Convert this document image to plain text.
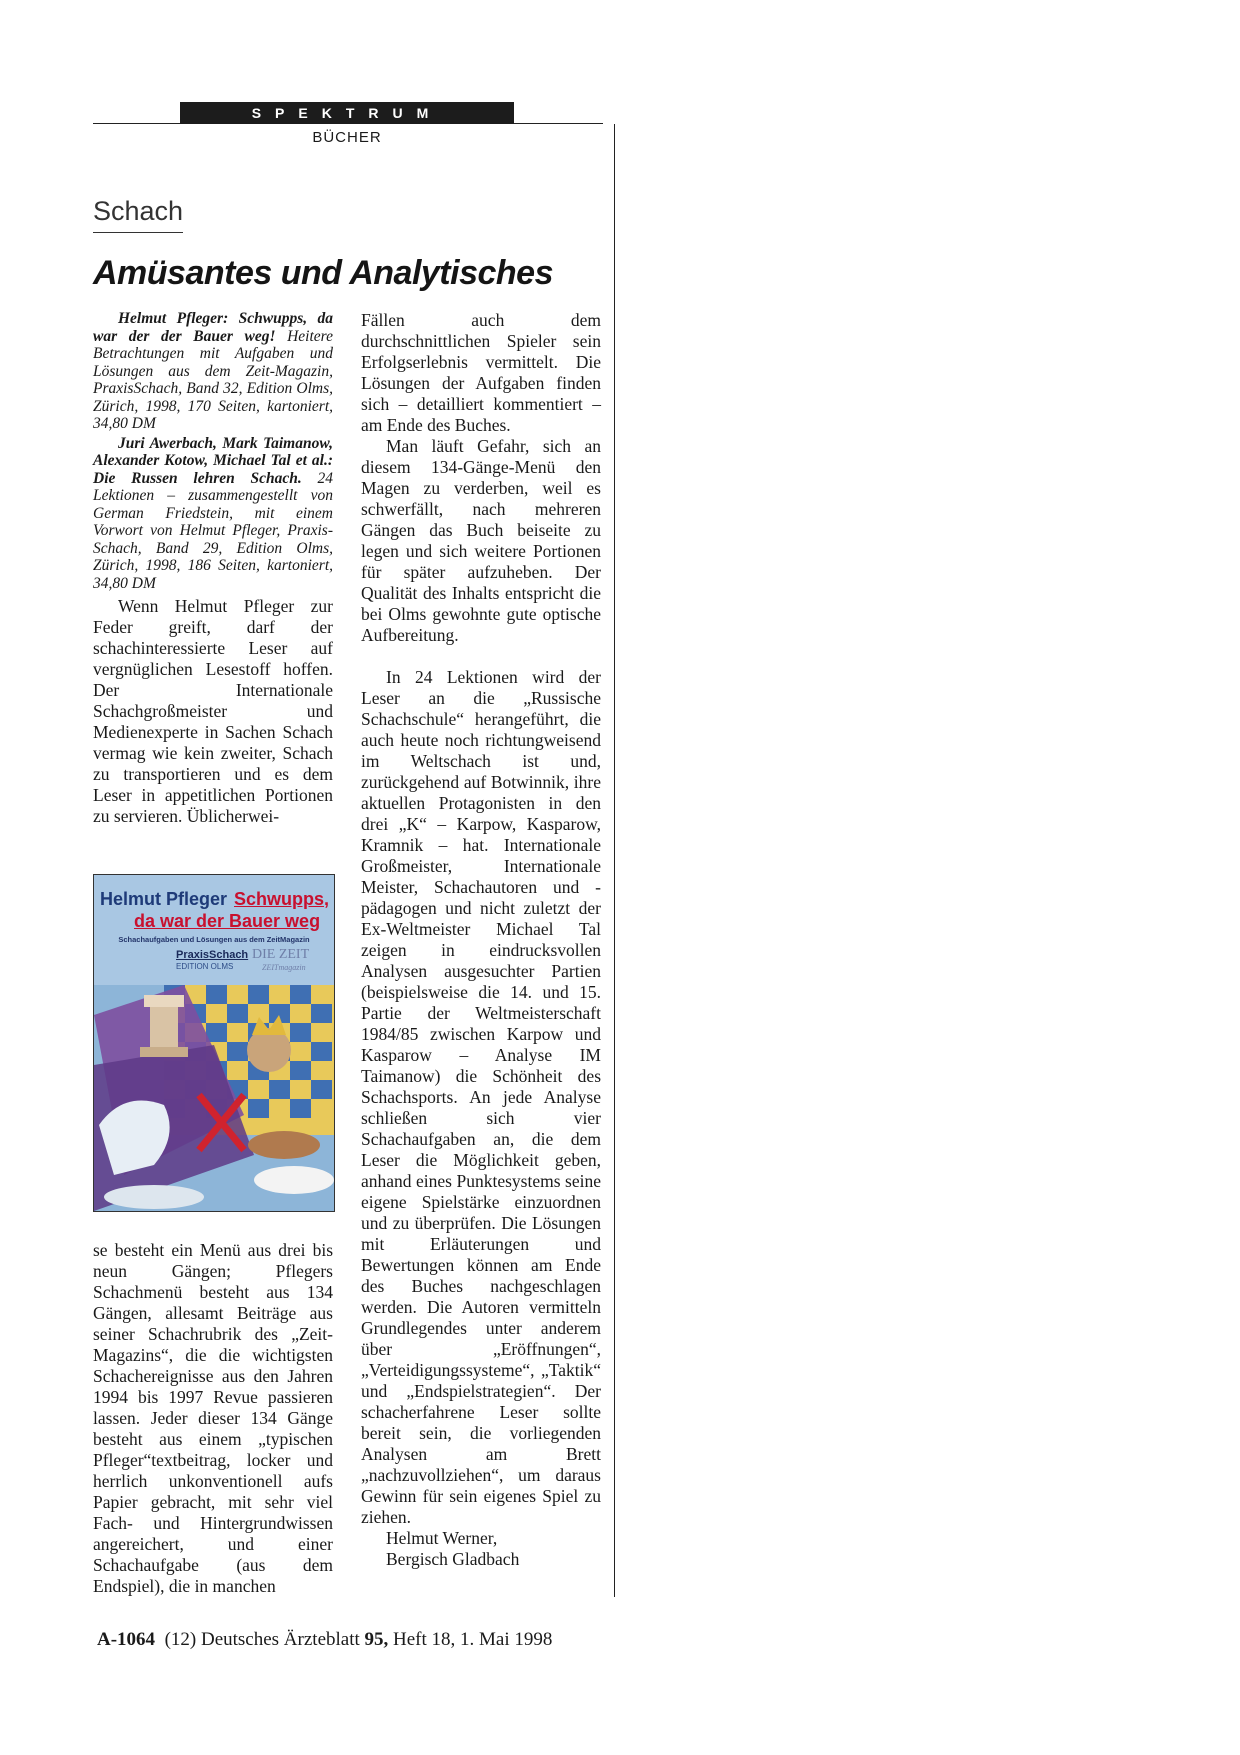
SPEKTRUM
BÜCHER
Schach
Amüsantes und Analytisches

Helmut Pfleger: Schwupps, da war der der Bauer weg! Heitere Betrachtungen mit Aufgaben und Lösungen aus dem Zeit-Magazin, PraxisSchach, Band 32, Edition Olms, Zürich, 1998, 170 Seiten, kartoniert, 34,80 DM

Juri Awerbach, Mark Taimanow, Alexander Kotow, Michael Tal et al.: Die Russen lehren Schach. 24 Lektionen – zusammengestellt von German Friedstein, mit einem Vorwort von Helmut Pfleger, Praxis-Schach, Band 29, Edition Olms, Zürich, 1998, 186 Seiten, kartoniert, 34,80 DM

Wenn Helmut Pfleger zur Feder greift, darf der schachinteressierte Leser auf vergnüglichen Lesestoff hoffen. Der Internationale Schachgroßmeister und Medienexperte in Sachen Schach vermag wie kein zweiter, Schach zu transportieren und es dem Leser in appetitlichen Portionen zu servieren. Üblicherwei-

Helmut Pfleger Schwupps,
da war der Bauer weg
Schachaufgaben und Lösungen aus dem ZeitMagazin
PraxisSchach
EDITION OLMS
DIE ZEIT
ZEITmagazin

se besteht ein Menü aus drei bis neun Gängen; Pflegers Schachmenü besteht aus 134 Gängen, allesamt Beiträge aus seiner Schachrubrik des „Zeit-Magazins“, die die wichtigsten Schachereignisse aus den Jahren 1994 bis 1997 Revue passieren lassen. Jeder dieser 134 Gänge besteht aus einem „typischen Pfleger“textbeitrag, locker und herrlich unkonventionell aufs Papier gebracht, mit sehr viel Fach- und Hintergrundwissen angereichert, und einer Schachaufgabe (aus dem Endspiel), die in manchen

Fällen auch dem durchschnittlichen Spieler sein Erfolgserlebnis vermittelt. Die Lösungen der Aufgaben finden sich – detailliert kommentiert – am Ende des Buches.

Man läuft Gefahr, sich an diesem 134-Gänge-Menü den Magen zu verderben, weil es schwerfällt, nach mehreren Gängen das Buch beiseite zu legen und sich weitere Portionen für später aufzuheben. Der Qualität des Inhalts entspricht die bei Olms gewohnte gute optische Aufbereitung.

In 24 Lektionen wird der Leser an die „Russische Schachschule“ herangeführt, die auch heute noch richtungweisend im Weltschach ist und, zurückgehend auf Botwinnik, ihre aktuellen Protagonisten in den drei „K“ – Karpow, Kasparow, Kramnik – hat. Internationale Großmeister, Internationale Meister, Schachautoren und -pädagogen und nicht zuletzt der Ex-Weltmeister Michael Tal zeigen in eindrucksvollen Analysen ausgesuchter Partien (beispielsweise die 14. und 15. Partie der Weltmeisterschaft 1984/85 zwischen Karpow und Kasparow – Analyse IM Taimanow) die Schönheit des Schachsports. An jede Analyse schließen sich vier Schachaufgaben an, die dem Leser die Möglichkeit geben, anhand eines Punktesystems seine eigene Spielstärke einzuordnen und zu überprüfen. Die Lösungen mit Erläuterungen und Bewertungen können am Ende des Buches nachgeschlagen werden. Die Autoren vermitteln Grundlegendes unter anderem über „Eröffnungen“, „Verteidigungssysteme“, „Taktik“ und „Endspielstrategien“. Der schacherfahrene Leser sollte bereit sein, die vorliegenden Analysen am Brett „nachzuvollziehen“, um daraus Gewinn für sein eigenes Spiel zu ziehen.

Helmut Werner,

Bergisch Gladbach

A-1064 (12) Deutsches Ärzteblatt 95, Heft 18, 1. Mai 1998
